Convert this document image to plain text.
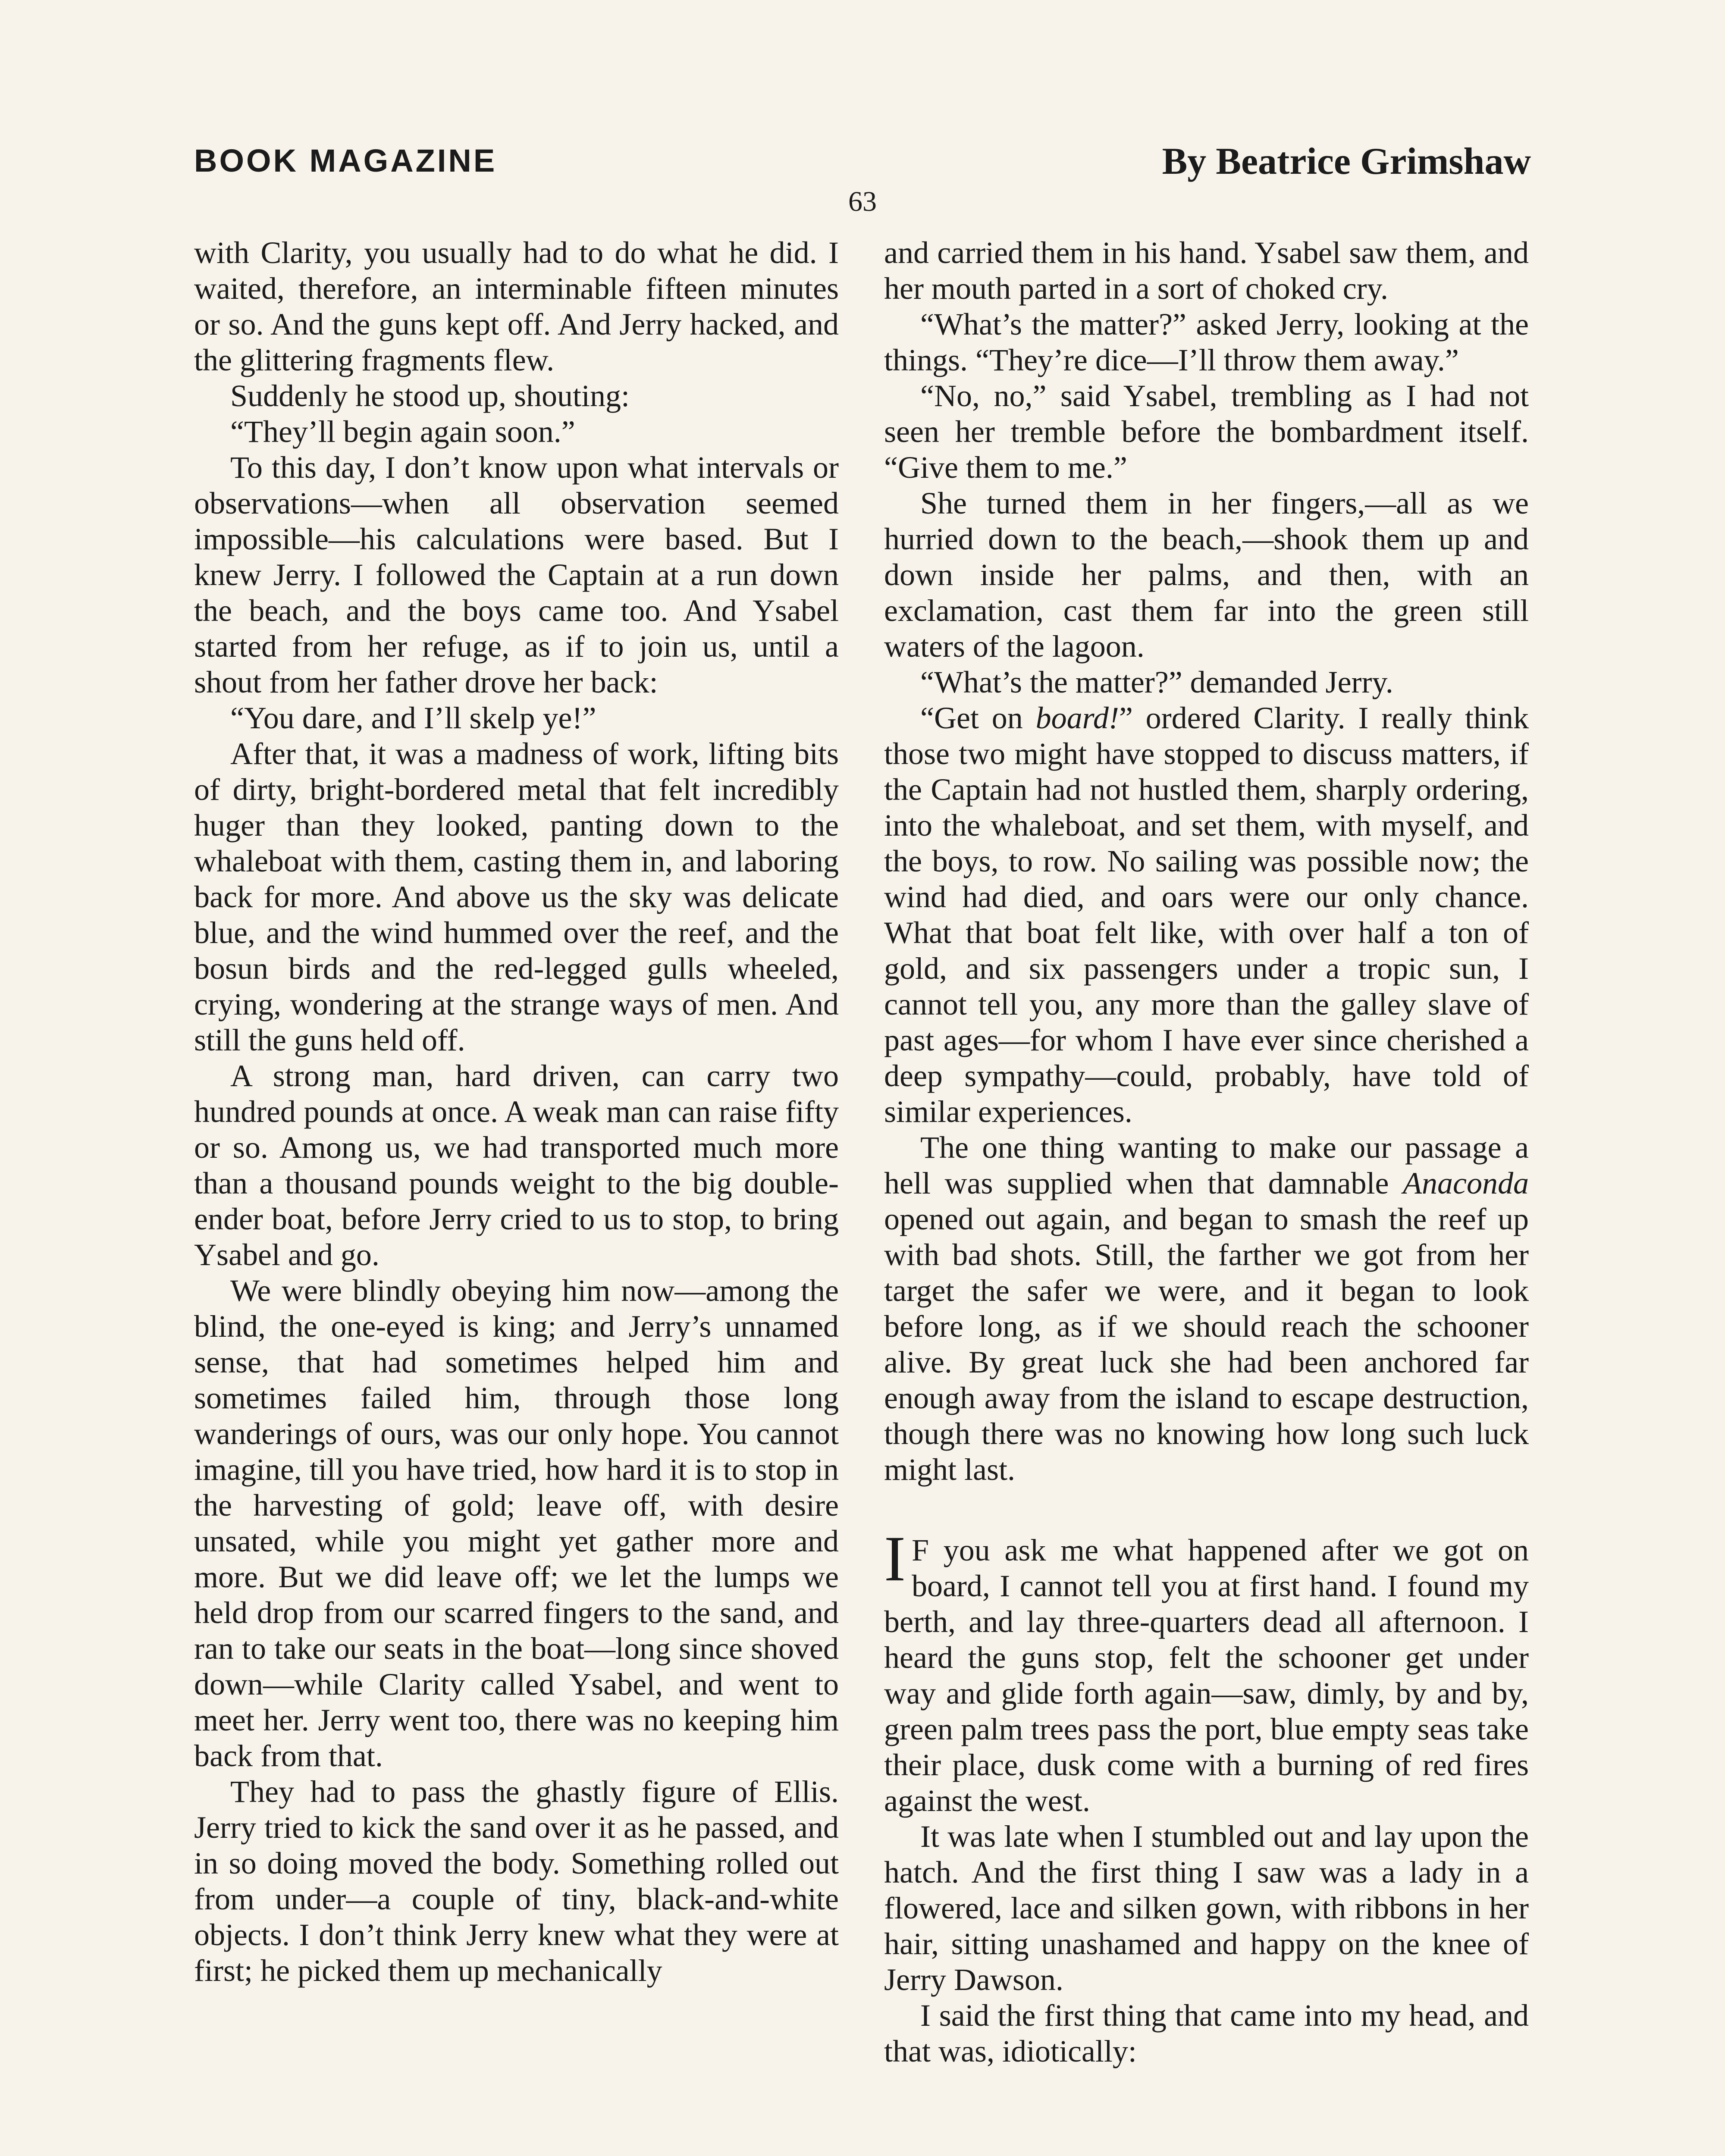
BOOK MAGAZINE	By Beatrice Grimshaw
63

with Clarity, you usually had to do what he did. I waited, therefore, an interminable fifteen minutes or so. And the guns kept off. And Jerry hacked, and the glittering fragments flew.

Suddenly he stood up, shouting:

“They’ll begin again soon.”

To this day, I don’t know upon what intervals or observations—when all observation seemed impossible—his calculations were based. But I knew Jerry. I followed the Captain at a run down the beach, and the boys came too. And Ysabel started from her refuge, as if to join us, until a shout from her father drove her back:

“You dare, and I’ll skelp ye!”

After that, it was a madness of work, lifting bits of dirty, bright-bordered metal that felt incredibly huger than they looked, panting down to the whaleboat with them, casting them in, and laboring back for more. And above us the sky was delicate blue, and the wind hummed over the reef, and the bosun birds and the red-legged gulls wheeled, crying, wondering at the strange ways of men. And still the guns held off.

A strong man, hard driven, can carry two hundred pounds at once. A weak man can raise fifty or so. Among us, we had transported much more than a thousand pounds weight to the big double-ender boat, before Jerry cried to us to stop, to bring Ysabel and go.

We were blindly obeying him now—among the blind, the one-eyed is king; and Jerry’s unnamed sense, that had sometimes helped him and sometimes failed him, through those long wanderings of ours, was our only hope. You cannot imagine, till you have tried, how hard it is to stop in the harvesting of gold; leave off, with desire unsated, while you might yet gather more and more. But we did leave off; we let the lumps we held drop from our scarred fingers to the sand, and ran to take our seats in the boat—long since shoved down—while Clarity called Ysabel, and went to meet her. Jerry went too, there was no keeping him back from that.

They had to pass the ghastly figure of Ellis. Jerry tried to kick the sand over it as he passed, and in so doing moved the body. Something rolled out from under—a couple of tiny, black-and-white objects. I don’t think Jerry knew what they were at first; he picked them up mechanically

and carried them in his hand. Ysabel saw them, and her mouth parted in a sort of choked cry.

“What’s the matter?” asked Jerry, looking at the things. “They’re dice—I’ll throw them away.”

“No, no,” said Ysabel, trembling as I had not seen her tremble before the bombardment itself. “Give them to me.”

She turned them in her fingers,—all as we hurried down to the beach,—shook them up and down inside her palms, and then, with an exclamation, cast them far into the green still waters of the lagoon.

“What’s the matter?” demanded Jerry.

“Get on board!” ordered Clarity. I really think those two might have stopped to discuss matters, if the Captain had not hustled them, sharply ordering, into the whaleboat, and set them, with myself, and the boys, to row. No sailing was possible now; the wind had died, and oars were our only chance. What that boat felt like, with over half a ton of gold, and six passengers under a tropic sun, I cannot tell you, any more than the galley slave of past ages—for whom I have ever since cherished a deep sympathy—could, probably, have told of similar experiences.

The one thing wanting to make our passage a hell was supplied when that damnable Anaconda opened out again, and began to smash the reef up with bad shots. Still, the farther we got from her target the safer we were, and it began to look before long, as if we should reach the schooner alive. By great luck she had been anchored far enough away from the island to escape destruction, though there was no knowing how long such luck might last.

I F you ask me what happened after we got on board, I cannot tell you at first hand. I found my berth, and lay three-quarters dead all afternoon. I heard the guns stop, felt the schooner get under way and glide forth again—saw, dimly, by and by, green palm trees pass the port, blue empty seas take their place, dusk come with a burning of red fires against the west.

It was late when I stumbled out and lay upon the hatch. And the first thing I saw was a lady in a flowered, lace and silken gown, with ribbons in her hair, sitting unashamed and happy on the knee of Jerry Dawson.

I said the first thing that came into my head, and that was, idiotically:
